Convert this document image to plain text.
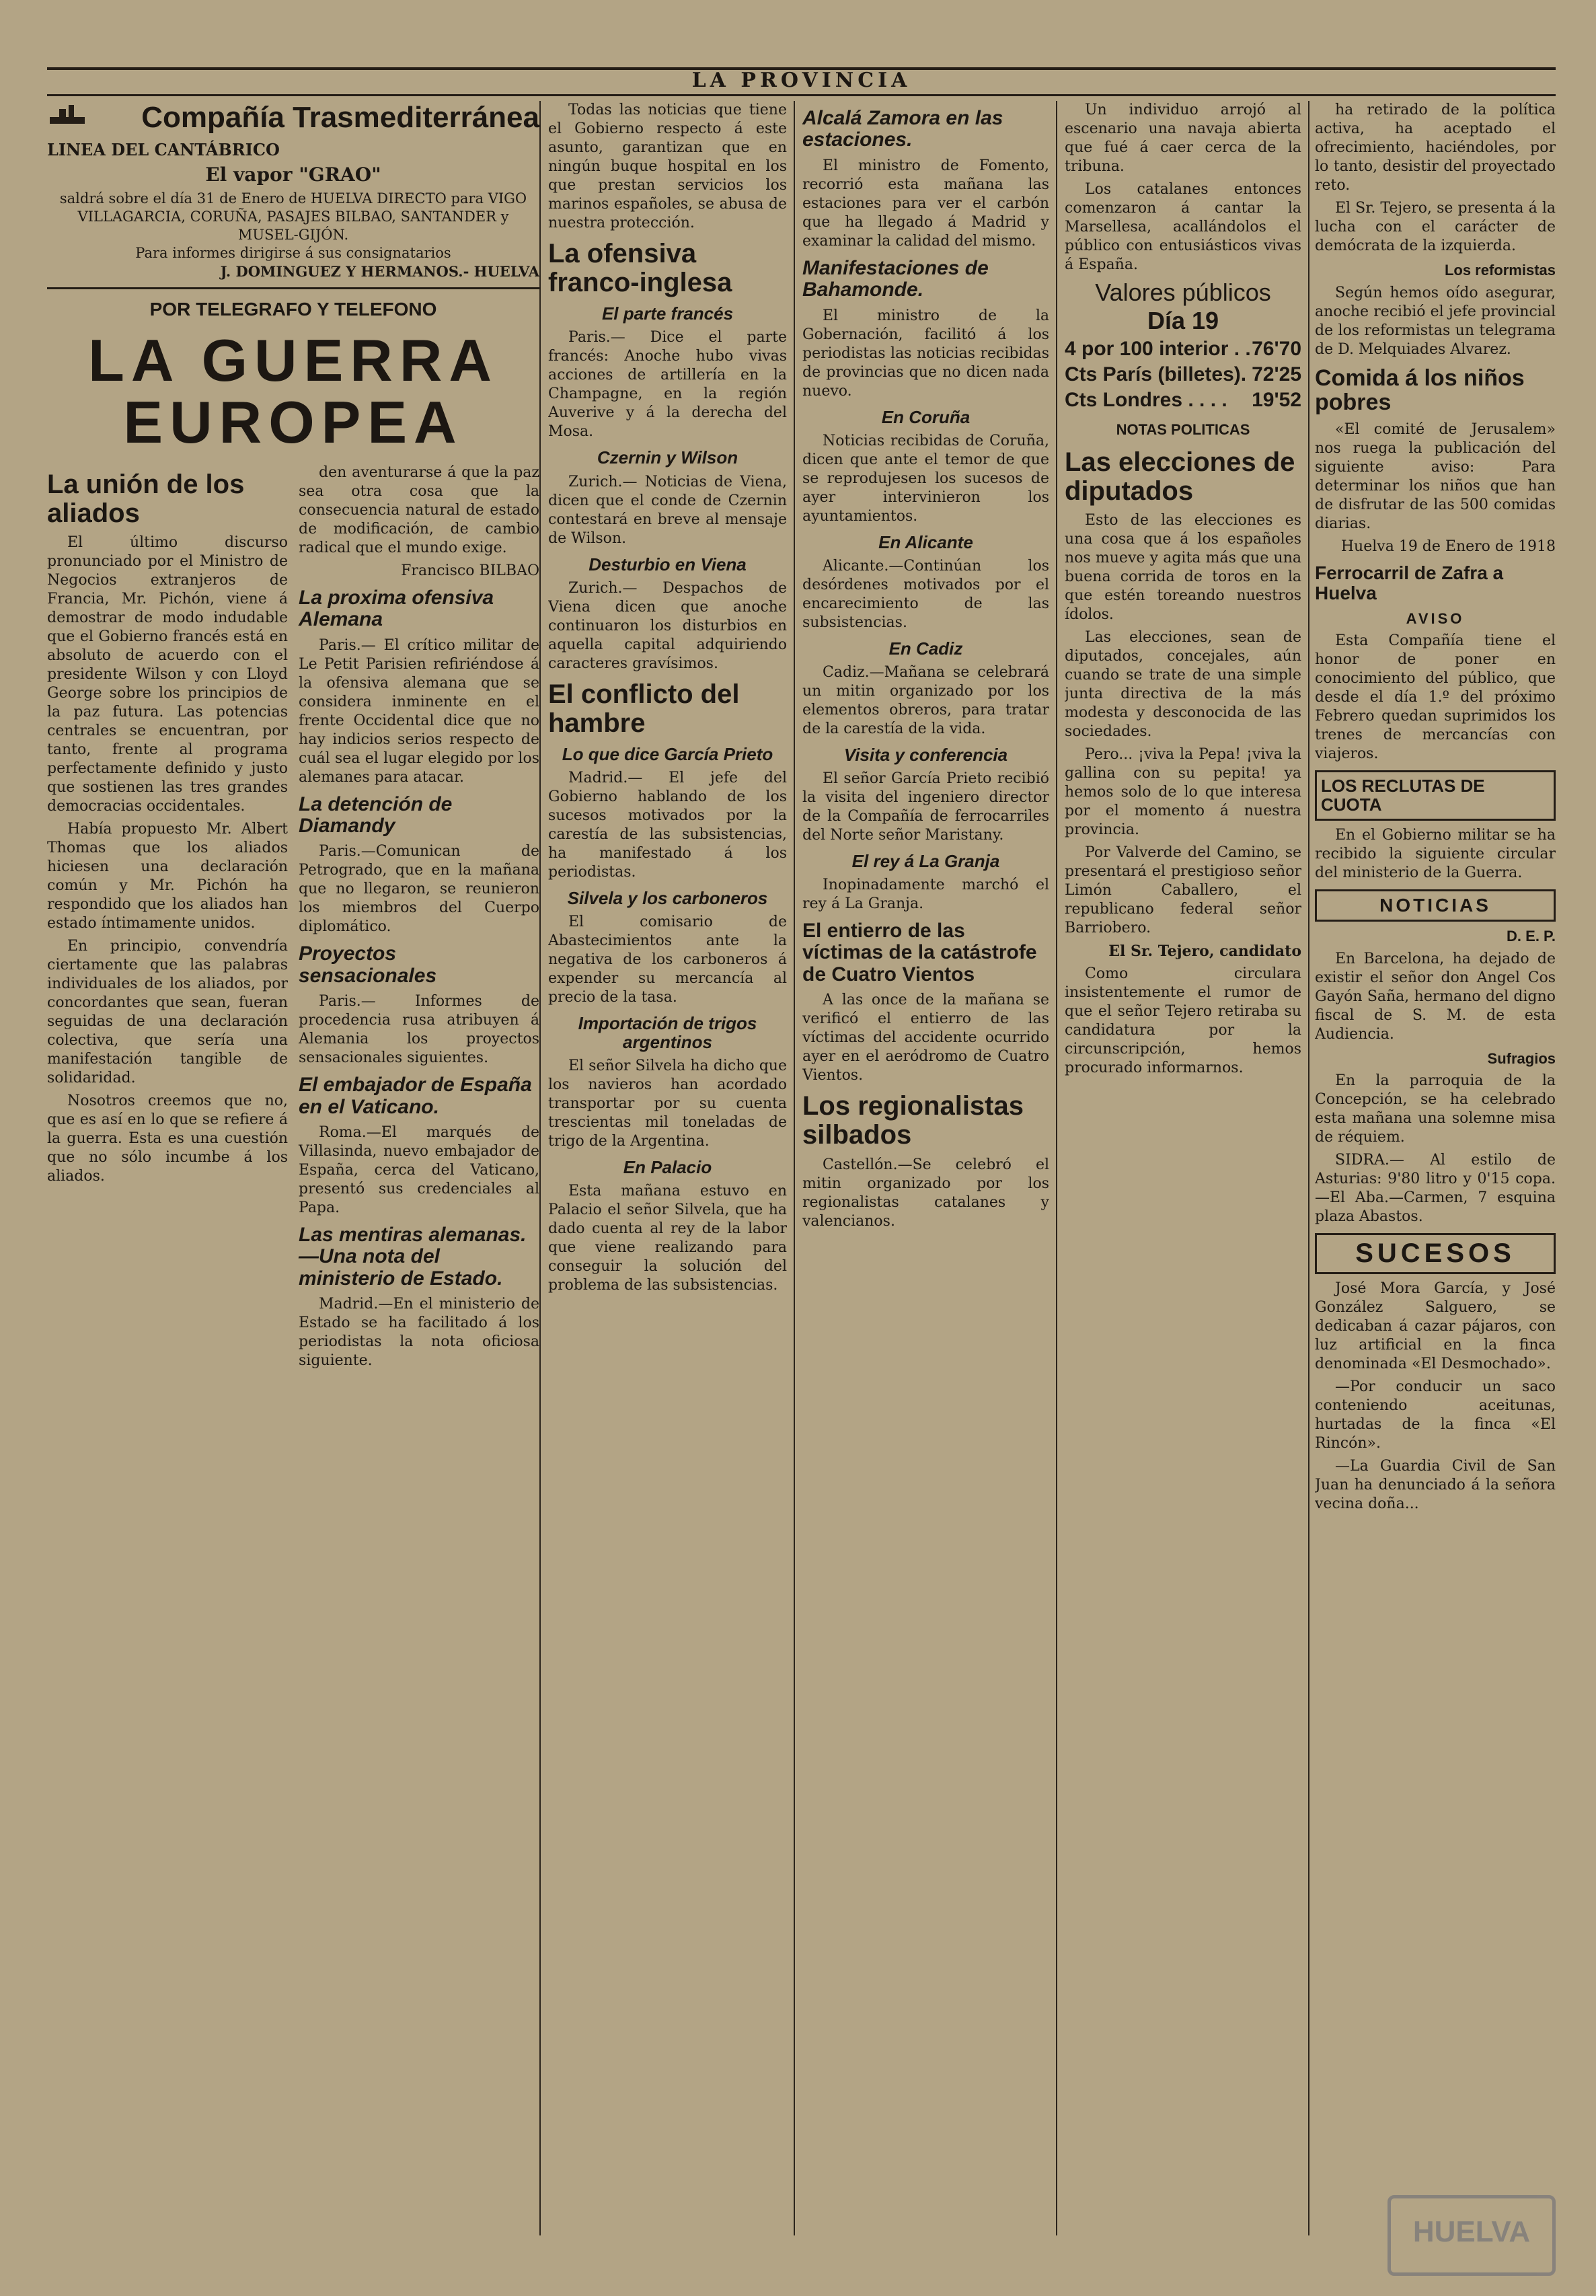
LA PROVINCIA
Compañía Trasmediterránea
LINEA DEL CANTÁBRICO
El vapor "GRAO"
saldrá sobre el día 31 de Enero de HUELVA DIRECTO para VIGO VILLAGARCIA, CORUÑA, PASAJES BILBAO, SANTANDER y MUSEL-GIJÓN.
Para informes dirigirse á sus consignatarios
J. DOMINGUEZ Y HERMANOS.- HUELVA
POR TELEGRAFO Y TELEFONO
LA GUERRA
EUROPEA
La unión de los aliados

El último discurso pronunciado por el Ministro de Negocios extranjeros de Francia, Mr. Pichón, viene á demostrar de modo indudable que el Gobierno francés está en absoluto de acuerdo con el presidente Wilson y con Lloyd George sobre los principios de la paz futura. Las potencias centrales se encuentran, por tanto, frente al programa perfectamente definido y justo que sostienen las tres grandes democracias occidentales.

Había propuesto Mr. Albert Thomas que los aliados hiciesen una declaración común y Mr. Pichón ha respondido que los aliados han estado íntimamente unidos.

En principio, convendría ciertamente que las palabras individuales de los aliados, por concordantes que sean, fueran seguidas de una declaración colectiva, que sería una manifestación tangible de solidaridad.

Nosotros creemos que no, que es así en lo que se refiere á la guerra. Esta es una cuestión que no sólo incumbe á los aliados.

den aventurarse á que la paz sea otra cosa que la consecuencia natural de estado de modificación, de cambio radical que el mundo exige.

Francisco BILBAO

La proxima ofensiva Alemana

Paris.— El crítico militar de Le Petit Parisien refiriéndose á la ofensiva alemana que se considera inminente en el frente Occidental dice que no hay indicios serios respecto de cuál sea el lugar elegido por los alemanes para atacar.

La detención de Diamandy

Paris.—Comunican de Petrogrado, que en la mañana que no llegaron, se reunieron los miembros del Cuerpo diplomático.

Proyectos sensacionales

Paris.— Informes de procedencia rusa atribuyen á Alemania los proyectos sensacionales siguientes.

El embajador de España en el Vaticano.

Roma.—El marqués de Villasinda, nuevo embajador de España, cerca del Vaticano, presentó sus credenciales al Papa.

Las mentiras alemanas.—Una nota del ministerio de Estado.

Madrid.—En el ministerio de Estado se ha facilitado á los periodistas la nota oficiosa siguiente.

Todas las noticias que tiene el Gobierno respecto á este asunto, garantizan que en ningún buque hospital en los que prestan servicios los marinos españoles, se abusa de nuestra protección.

La ofensiva franco-inglesa
El parte francés

Paris.— Dice el parte francés: Anoche hubo vivas acciones de artillería en la Champagne, en la región Auverive y á la derecha del Mosa.

Czernin y Wilson

Zurich.— Noticias de Viena, dicen que el conde de Czernin contestará en breve al mensaje de Wilson.

Desturbio en Viena

Zurich.— Despachos de Viena dicen que anoche continuaron los disturbios en aquella capital adquiriendo caracteres gravísimos.

El conflicto del hambre
Lo que dice García Prieto

Madrid.— El jefe del Gobierno hablando de los sucesos motivados por la carestía de las subsistencias, ha manifestado á los periodistas.

Silvela y los carboneros

El comisario de Abastecimientos ante la negativa de los carboneros á expender su mercancía al precio de la tasa.

Importación de trigos argentinos

El señor Silvela ha dicho que los navieros han acordado transportar por su cuenta trescientas mil toneladas de trigo de la Argentina.

En Palacio

Esta mañana estuvo en Palacio el señor Silvela, que ha dado cuenta al rey de la labor que viene realizando para conseguir la solución del problema de las subsistencias.

Alcalá Zamora en las estaciones.

El ministro de Fomento, recorrió esta mañana las estaciones para ver el carbón que ha llegado á Madrid y examinar la calidad del mismo.

Manifestaciones de Bahamonde.

El ministro de la Gobernación, facilitó á los periodistas las noticias recibidas de provincias que no dicen nada nuevo.

En Coruña

Noticias recibidas de Coruña, dicen que ante el temor de que se reprodujesen los sucesos de ayer intervinieron los ayuntamientos.

En Alicante

Alicante.—Continúan los desórdenes motivados por el encarecimiento de las subsistencias.

En Cadiz

Cadiz.—Mañana se celebrará un mitin organizado por los elementos obreros, para tratar de la carestía de la vida.

Visita y conferencia

El señor García Prieto recibió la visita del ingeniero director de la Compañía de ferrocarriles del Norte señor Maristany.

El rey á La Granja

Inopinadamente marchó el rey á La Granja.

El entierro de las víctimas de la catástrofe de Cuatro Vientos

A las once de la mañana se verificó el entierro de las víctimas del accidente ocurrido ayer en el aeródromo de Cuatro Vientos.

Los regionalistas silbados

Castellón.—Se celebró el mitin organizado por los regionalistas catalanes y valencianos.

Un individuo arrojó al escenario una navaja abierta que fué á caer cerca de la tribuna.

Los catalanes entonces comenzaron á cantar la Marsellesa, acallándolos el público con entusiásticos vivas á España.

Valores públicos
Día 19
4 por 100 interior . . 76'70
Cts París (billetes). 72'25
Cts Londres . . . . 19'52
NOTAS POLITICAS
Las elecciones de diputados

Esto de las elecciones es una cosa que á los españoles nos mueve y agita más que una buena corrida de toros en la que estén toreando nuestros ídolos.

Las elecciones, sean de diputados, concejales, aún cuando se trate de una simple junta directiva de la más modesta y desconocida de las sociedades.

Pero... ¡viva la Pepa! ¡viva la gallina con su pepita! ya hemos solo de lo que interesa por el momento á nuestra provincia.

Por Valverde del Camino, se presentará el prestigioso señor Limón Caballero, el republicano federal señor Barriobero.

El Sr. Tejero, candidato

Como circulara insistentemente el rumor de que el señor Tejero retiraba su candidatura por la circunscripción, hemos procurado informarnos.

ha retirado de la política activa, ha aceptado el ofrecimiento, haciéndoles, por lo tanto, desistir del proyectado reto.

El Sr. Tejero, se presenta á la lucha con el carácter de demócrata de la izquierda.

Los reformistas

Según hemos oído asegurar, anoche recibió el jefe provincial de los reformistas un telegrama de D. Melquiades Alvarez.

Comida á los niños pobres

«El comité de Jerusalem» nos ruega la publicación del siguiente aviso: Para determinar los niños que han de disfrutar de las 500 comidas diarias.

Huelva 19 de Enero de 1918

Ferrocarril de Zafra a Huelva
AVISO

Esta Compañía tiene el honor de poner en conocimiento del público, que desde el día 1.º del próximo Febrero quedan suprimidos los trenes de mercancías con viajeros.

LOS RECLUTAS DE CUOTA

En el Gobierno militar se ha recibido la siguiente circular del ministerio de la Guerra.

NOTICIAS
D. E. P.

En Barcelona, ha dejado de existir el señor don Angel Cos Gayón Saña, hermano del digno fiscal de S. M. de esta Audiencia.

Sufragios

En la parroquia de la Concepción, se ha celebrado esta mañana una solemne misa de réquiem.

SIDRA.— Al estilo de Asturias: 9'80 litro y 0'15 copa.—El Aba.—Carmen, 7 esquina plaza Abastos.

SUCESOS

José Mora García, y José González Salguero, se dedicaban á cazar pájaros, con luz artificial en la finca denominada «El Desmochado».

—Por conducir un saco conteniendo aceitunas, hurtadas de la finca «El Rincón».

—La Guardia Civil de San Juan ha denunciado á la señora vecina doña...

HUELVA
